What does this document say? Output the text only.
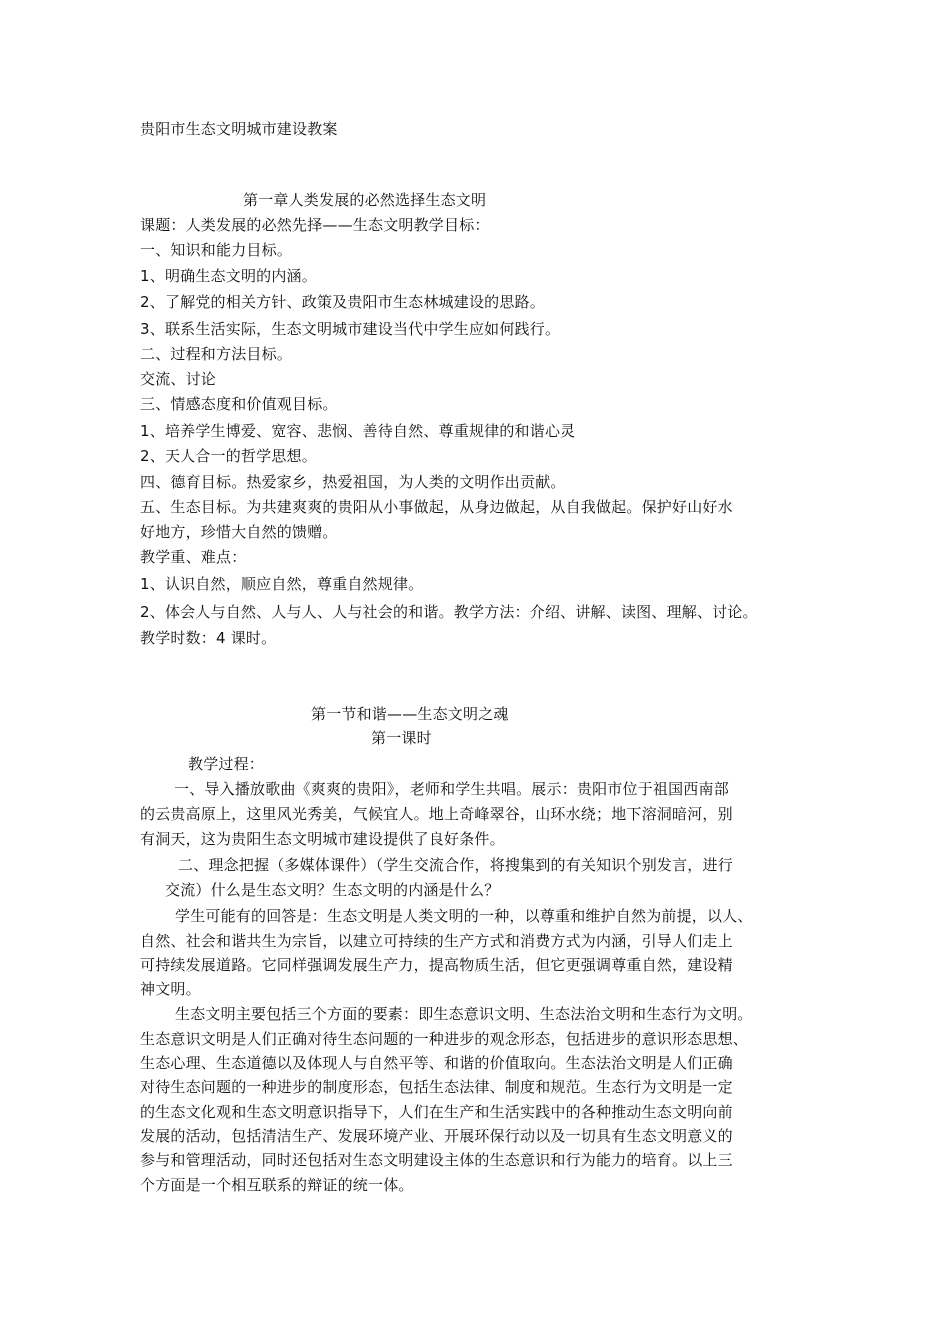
贵阳市生态文明城市建设教案
第一章人类发展的必然选择生态文明
课题：人类发展的必然先择——生态文明教学目标：
一、知识和能力目标。
1、明确生态文明的内涵。
2、了解党的相关方针、政策及贵阳市生态林城建设的思路。
3、联系生活实际，生态文明城市建设当代中学生应如何践行。
二、过程和方法目标。
交流、讨论
三、情感态度和价值观目标。
1、培养学生博爱、宽容、悲悯、善待自然、尊重规律的和谐心灵
2、天人合一的哲学思想。
四、德育目标。热爱家乡，热爱祖国，为人类的文明作出贡献。
五、生态目标。为共建爽爽的贵阳从小事做起，从身边做起，从自我做起。保护好山好水
好地方，珍惜大自然的馈赠。
教学重、难点：
1、认识自然，顺应自然，尊重自然规律。
2、体会人与自然、人与人、人与社会的和谐。教学方法：介绍、讲解、读图、理解、讨论。
教学时数：4 课时。
第一节和谐——生态文明之魂
第一课时
教学过程：
一、导入播放歌曲《爽爽的贵阳》，老师和学生共唱。展示：贵阳市位于祖国西南部
的云贵高原上，这里风光秀美，气候宜人。地上奇峰翠谷，山环水绕；地下溶洞暗河，别
有洞天，这为贵阳生态文明城市建设提供了良好条件。
二、理念把握（多媒体课件）（学生交流合作，将搜集到的有关知识个别发言，进行
交流）什么是生态文明？生态文明的内涵是什么？
学生可能有的回答是：生态文明是人类文明的一种，以尊重和维护自然为前提，以人、
自然、社会和谐共生为宗旨，以建立可持续的生产方式和消费方式为内涵，引导人们走上
可持续发展道路。它同样强调发展生产力，提高物质生活，但它更强调尊重自然，建设精
神文明。
生态文明主要包括三个方面的要素：即生态意识文明、生态法治文明和生态行为文明。
生态意识文明是人们正确对待生态问题的一种进步的观念形态，包括进步的意识形态思想、
生态心理、生态道德以及体现人与自然平等、和谐的价值取向。生态法治文明是人们正确
对待生态问题的一种进步的制度形态，包括生态法律、制度和规范。生态行为文明是一定
的生态文化观和生态文明意识指导下，人们在生产和生活实践中的各种推动生态文明向前
发展的活动，包括清洁生产、发展环境产业、开展环保行动以及一切具有生态文明意义的
参与和管理活动，同时还包括对生态文明建设主体的生态意识和行为能力的培育。以上三
个方面是一个相互联系的辩证的统一体。
